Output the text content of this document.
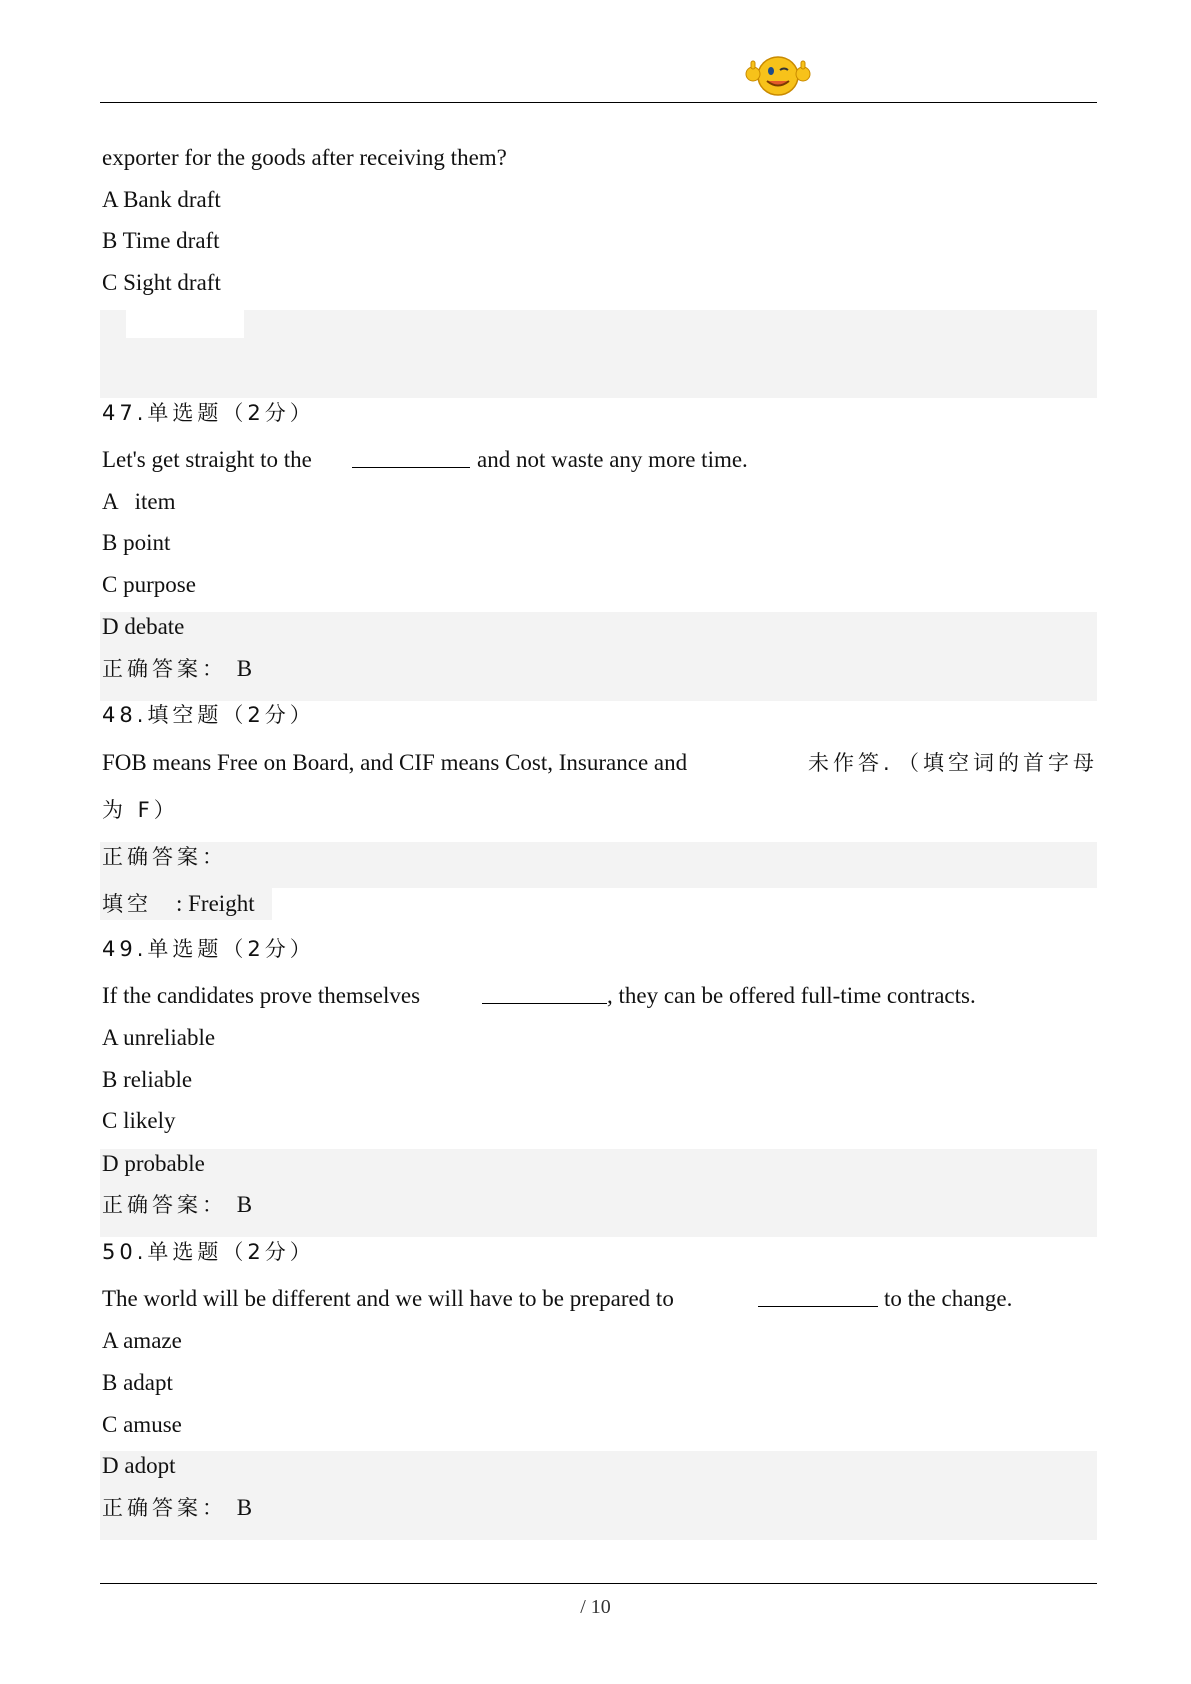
exporter for the goods after receiving them?
A Bank draft
B Time draft
C Sight draft
47.单选题（2分）
Let's get straight to the	and not waste any more time.
A   item
B point
C purpose
D debate
正确答案： B
48.填空题（2分）
FOB means Free on Board, and CIF means Cost, Insurance and	未作答. （填空词的首字母
为 F）
正确答案：
填空 : Freight
49.单选题（2分）
If the candidates prove themselves	, they can be offered full-time contracts.
A unreliable
B reliable
C likely
D probable
正确答案： B
50.单选题（2分）
The world will be different and we will have to be prepared to	to the change.
A amaze
B adapt
C amuse
D adopt
正确答案： B
/ 10
